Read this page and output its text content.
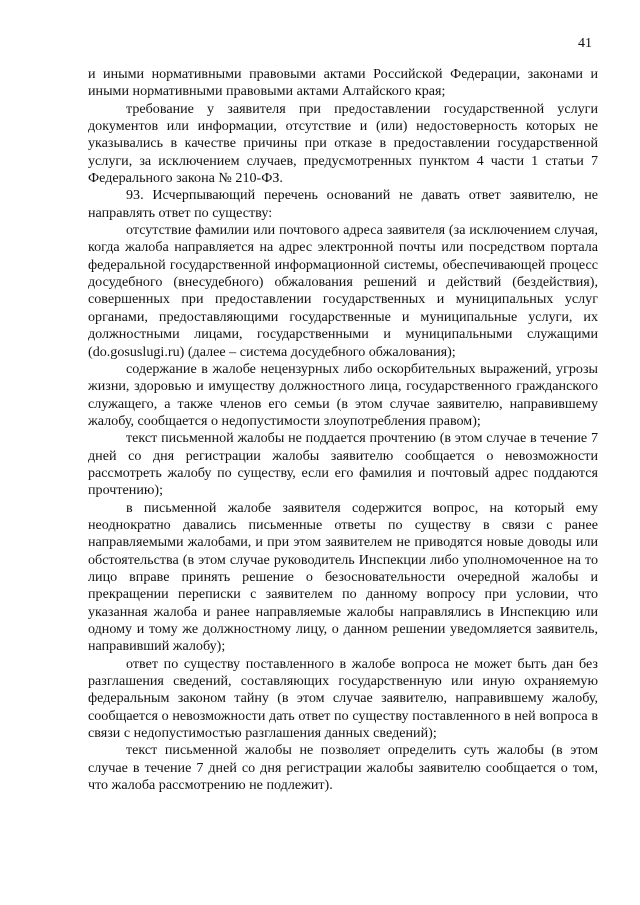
41

и иными нормативными правовыми актами Российской Федерации, законами и иными нормативными правовыми актами Алтайского края;

требование у заявителя при предоставлении государственной услуги документов или информации, отсутствие и (или) недостоверность которых не указывались в качестве причины при отказе в предоставлении государственной услуги, за исключением случаев, предусмотренных пунктом 4 части 1 статьи 7 Федерального закона № 210-ФЗ.

93. Исчерпывающий перечень оснований не давать ответ заявителю, не направлять ответ по существу:

отсутствие фамилии или почтового адреса заявителя (за исключением случая, когда жалоба направляется на адрес электронной почты или посредством портала федеральной государственной информационной системы, обеспечивающей процесс досудебного (внесудебного) обжалования решений и действий (бездействия), совершенных при предоставлении государственных и муниципальных услуг органами, предоставляющими государственные и муниципальные услуги, их должностными лицами, государственными и муниципальными служащими (do.gosuslugi.ru) (далее – система досудебного обжалования);

содержание в жалобе нецензурных либо оскорбительных выражений, угрозы жизни, здоровью и имуществу должностного лица, государственного гражданского служащего, а также членов его семьи (в этом случае заявителю, направившему жалобу, сообщается о недопустимости злоупотребления правом);

текст письменной жалобы не поддается прочтению (в этом случае в течение 7 дней со дня регистрации жалобы заявителю сообщается о невозможности рассмотреть жалобу по существу, если его фамилия и почтовый адрес поддаются прочтению);

в письменной жалобе заявителя содержится вопрос, на который ему неоднократно давались письменные ответы по существу в связи с ранее направляемыми жалобами, и при этом заявителем не приводятся новые доводы или обстоятельства (в этом случае руководитель Инспекции либо уполномоченное на то лицо вправе принять решение о безосновательности очередной жалобы и прекращении переписки с заявителем по данному вопросу при условии, что указанная жалоба и ранее направляемые жалобы направлялись в Инспекцию или одному и тому же должностному лицу, о данном решении уведомляется заявитель, направивший жалобу);

ответ по существу поставленного в жалобе вопроса не может быть дан без разглашения сведений, составляющих государственную или иную охраняемую федеральным законом тайну (в этом случае заявителю, направившему жалобу, сообщается о невозможности дать ответ по существу поставленного в ней вопроса в связи с недопустимостью разглашения данных сведений);

текст письменной жалобы не позволяет определить суть жалобы (в этом случае в течение 7 дней со дня регистрации жалобы заявителю сообщается о том, что жалоба рассмотрению не подлежит).
